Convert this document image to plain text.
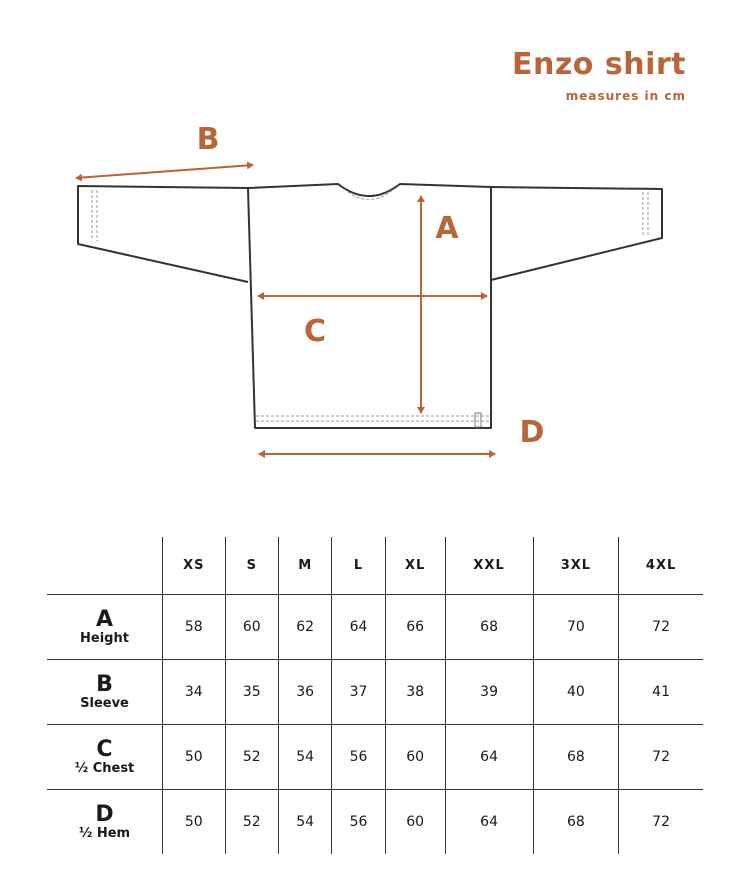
Enzo shirt
measures in cm
A
B
C
D
	XS	S	M	L	XL	XXL	3XL	4XL

A
Height	58	60	62	64	66	68	70	72

B
Sleeve	34	35	36	37	38	39	40	41

C
½ Chest	50	52	54	56	60	64	68	72

D
½ Hem	50	52	54	56	60	64	68	72
